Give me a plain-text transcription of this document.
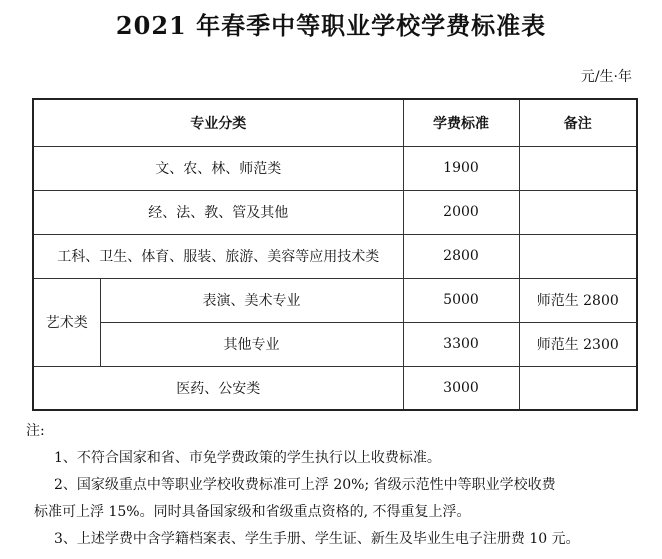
2021 年春季中等职业学校学费标准表
元/生·年
专业分类		学费标准	备注
文、农、林、师范类		1900	
经、法、教、管及其他		2000	
工科、卫生、体育、服装、旅游、美容等应用技术类		2800	
艺术类	表演、美术专业	5000	师范生 2800
	其他专业	3300	师范生 2300
医药、公安类		3000	
注:
1、不符合国家和省、市免学费政策的学生执行以上收费标准。
2、国家级重点中等职业学校收费标准可上浮 20%; 省级示范性中等职业学校收费
标准可上浮 15%。同时具备国家级和省级重点资格的, 不得重复上浮。
3、上述学费中含学籍档案表、学生手册、学生证、新生及毕业生电子注册费 10 元。
